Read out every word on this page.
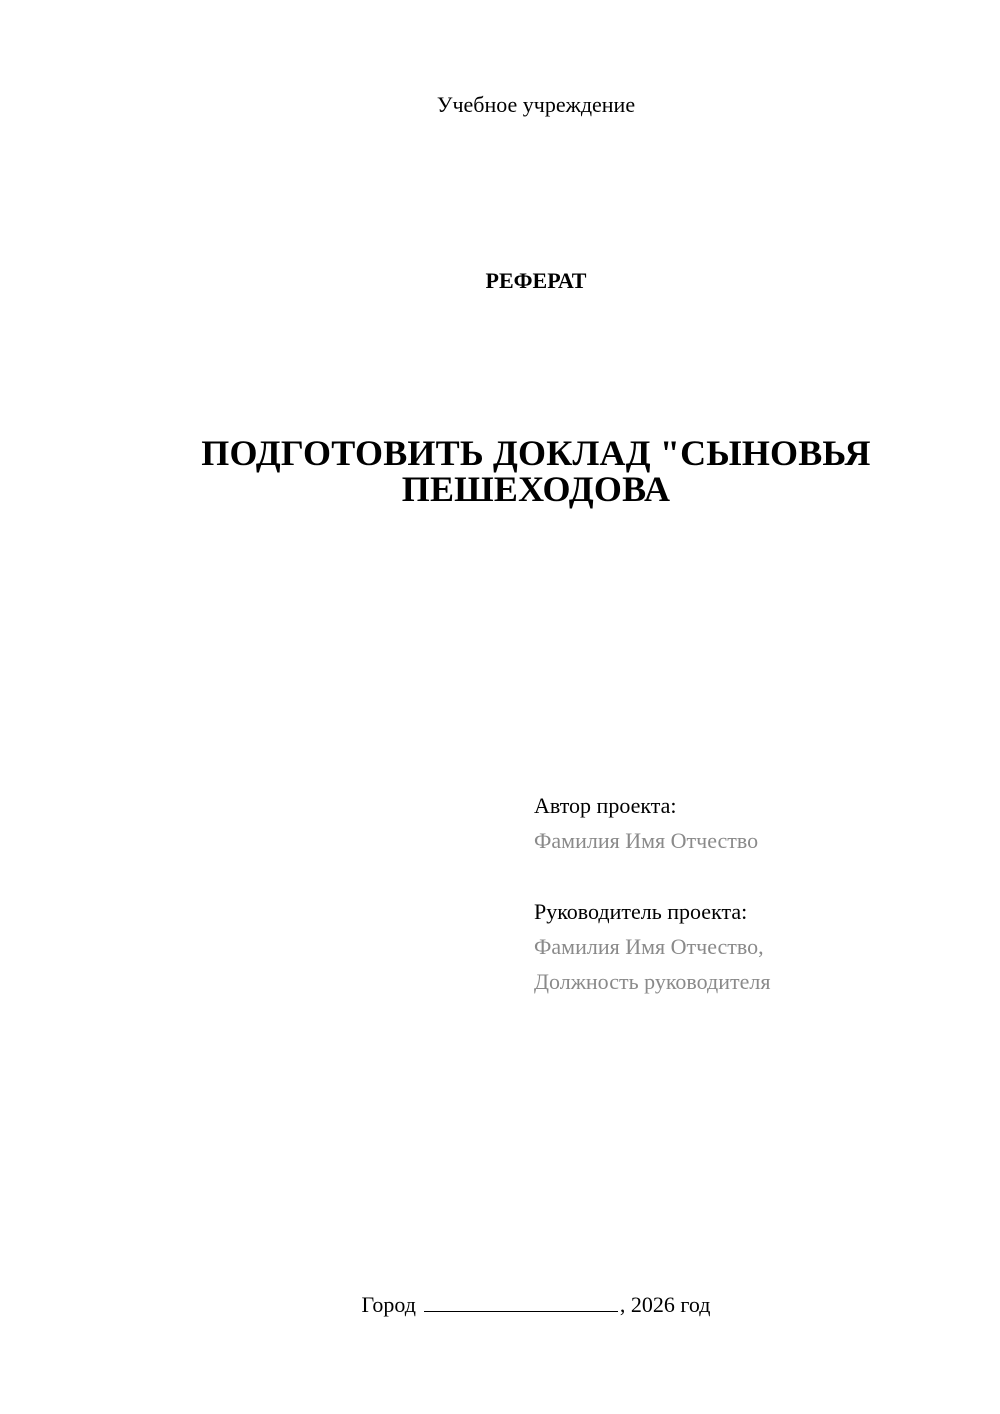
Учебное учреждение
РЕФЕРАТ
ПОДГОТОВИТЬ ДОКЛАД "СЫНОВЬЯ
ПЕШЕХОДОВА
Автор проекта:
Фамилия Имя Отчество
Руководитель проекта:
Фамилия Имя Отчество,
Должность руководителя
Город	, 2026 год
